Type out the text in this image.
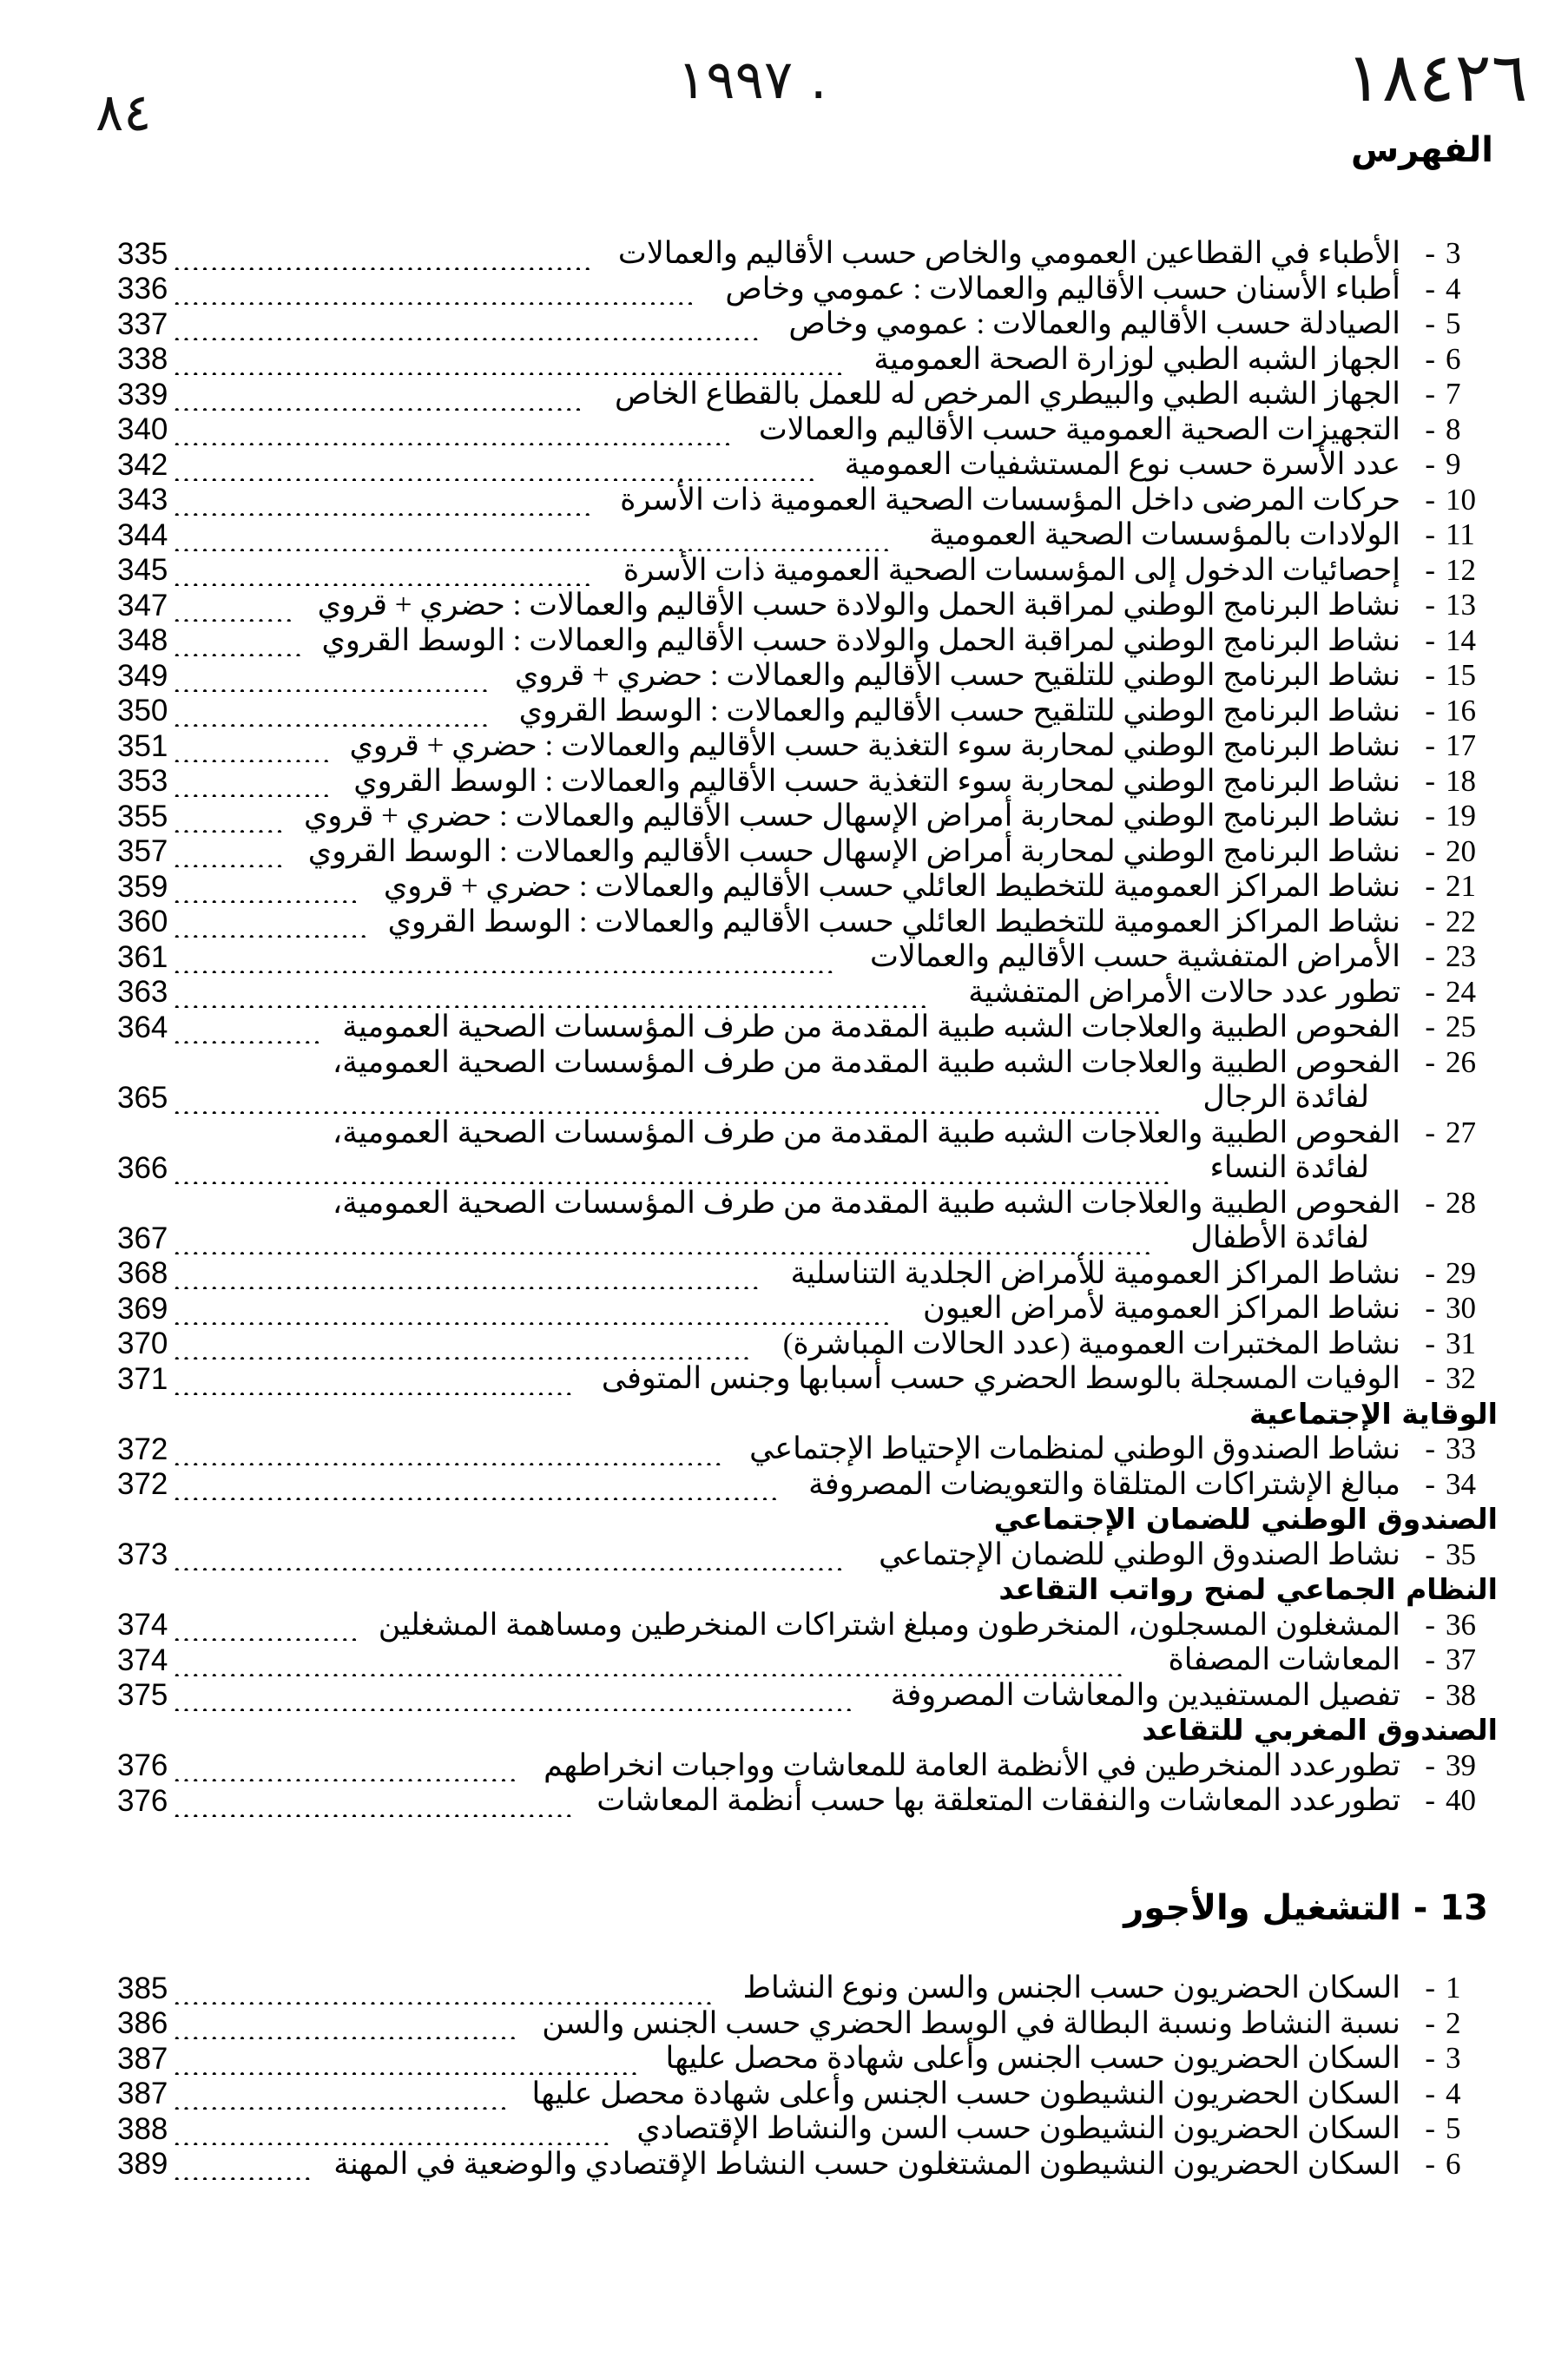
٨٤
١٩٩٧ .	١٨٤٢٦
الفهرس
3
-
الأطباء في القطاعين العمومي والخاص حسب الأقاليم والعمالات
.............................................
335
4
-
أطباء الأسنان حسب الأقاليم والعمالات : عمومي وخاص
........................................................
336
5
-
الصيادلة حسب الأقاليم والعمالات : عمومي وخاص
...............................................................
337
6
-
الجهاز الشبه الطبي لوزارة الصحة العمومية
........................................................................
338
7
-
الجهاز الشبه الطبي والبيطري المرخص له للعمل بالقطاع الخاص
............................................
339
8
-
التجهيزات الصحية العمومية حسب الأقاليم والعمالات
............................................................
340
9
-
عدد الأسرة حسب نوع المستشفيات العمومية
.....................................................................
342
10
-
حركات المرضى داخل المؤسسات الصحية العمومية ذات الأسرة
.............................................
343
11
-
الولادات بالمؤسسات الصحية العمومية
.............................................................................
344
12
-
إحصائيات الدخول إلى المؤسسات الصحية العمومية ذات الأسرة
.............................................
345
13
-
نشاط البرنامج الوطني لمراقبة الحمل والولادة حسب الأقاليم والعمالات : حضري + قروي
.............
347
14
-
نشاط البرنامج الوطني لمراقبة الحمل والولادة حسب الأقاليم والعمالات : الوسط القروي
..............
348
15
-
نشاط البرنامج الوطني للتلقيح حسب الأقاليم والعمالات : حضري + قروي
..................................
349
16
-
نشاط البرنامج الوطني للتلقيح حسب الأقاليم والعمالات : الوسط القروي
..................................
350
17
-
نشاط البرنامج الوطني لمحاربة سوء التغذية حسب الأقاليم والعمالات : حضري + قروي
.................
351
18
-
نشاط البرنامج الوطني لمحاربة سوء التغذية حسب الأقاليم والعمالات : الوسط القروي
.................
353
19
-
نشاط البرنامج الوطني لمحاربة أمراض الإسهال حسب الأقاليم والعمالات : حضري + قروي
............
355
20
-
نشاط البرنامج الوطني لمحاربة أمراض الإسهال حسب الأقاليم والعمالات : الوسط القروي
............
357
21
-
نشاط المراكز العمومية للتخطيط العائلي حسب الأقاليم والعمالات : حضري + قروي
....................
359
22
-
نشاط المراكز العمومية للتخطيط العائلي حسب الأقاليم والعمالات : الوسط القروي
.....................
360
23
-
الأمراض المتفشية حسب الأقاليم والعمالات
.......................................................................
361
24
-
تطور عدد حالات الأمراض المتفشية
.................................................................................
363
25
-
الفحوص الطبية والعلاجات الشبه طبية المقدمة من طرف المؤسسات الصحية العمومية
................
364
26
-
الفحوص الطبية والعلاجات الشبه طبية المقدمة من طرف المؤسسات الصحية العمومية،
لفائدة الرجال
..........................................................................................................
365
27
-
الفحوص الطبية والعلاجات الشبه طبية المقدمة من طرف المؤسسات الصحية العمومية،
لفائدة النساء
...........................................................................................................
366
28
-
الفحوص الطبية والعلاجات الشبه طبية المقدمة من طرف المؤسسات الصحية العمومية،
لفائدة الأطفال
.........................................................................................................
367
29
-
نشاط المراكز العمومية للأمراض الجلدية التناسلية
...............................................................
368
30
-
نشاط المراكز العمومية لأمراض العيون
.............................................................................
369
31
-
نشاط المختبرات العمومية (عدد الحالات المباشرة)
..............................................................
370
32
-
الوفيات المسجلة بالوسط الحضري حسب أسبابها وجنس المتوفى
...........................................
371
الوقاية الإجتماعية
33
-
نشاط الصندوق الوطني لمنظمات الإحتياط الإجتماعي
...........................................................
372
34
-
مبالغ الإشتراكات المتلقاة والتعويضات المصروفة
.................................................................
372
الصندوق الوطني للضمان الإجتماعي
35
-
نشاط الصندوق الوطني للضمان الإجتماعي
........................................................................
373
النظام الجماعي لمنح رواتب التقاعد
36
-
المشغلون المسجلون، المنخرطون ومبلغ اشتراكات المنخرطين ومساهمة المشغلين
....................
374
37
-
المعاشات المصفاة
......................................................................................................
374
38
-
تفصيل المستفيدين والمعاشات المصروفة
.........................................................................
375
الصندوق المغربي للتقاعد
39
-
تطورعدد المنخرطين في الأنظمة العامة للمعاشات وواجبات انخراطهم
.....................................
376
40
-
تطورعدد المعاشات والنفقات المتعلقة بها حسب أنظمة المعاشات
...........................................
376
13 - التشغيل والأجور
1
-
السكان الحضريون حسب الجنس والسن ونوع النشاط
..........................................................
385
2
-
نسبة النشاط ونسبة البطالة في الوسط الحضري حسب الجنس والسن
.....................................
386
3
-
السكان الحضريون حسب الجنس وأعلى شهادة محصل عليها
..................................................
387
4
-
السكان الحضريون النشيطون حسب الجنس وأعلى شهادة محصل عليها
....................................
387
5
-
السكان الحضريون النشيطون حسب السن والنشاط الإقتصادي
...............................................
388
6
-
السكان الحضريون النشيطون المشتغلون حسب النشاط الإقتصادي والوضعية في المهنة
...............
389
